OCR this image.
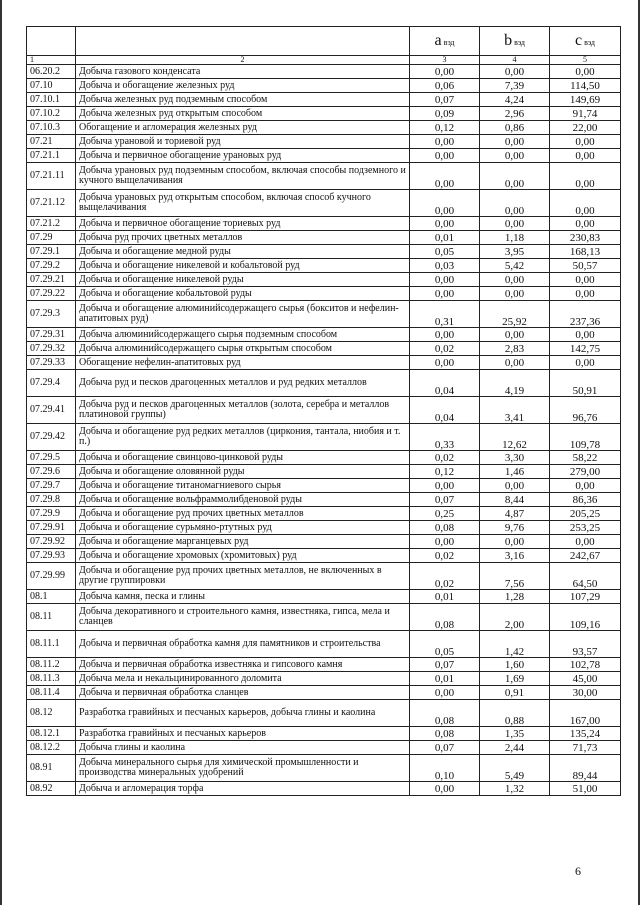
		a вэд	b вэд	c вэд
1	2	3	4	5
06.20.2	Добыча газового конденсата	0,00	0,00	0,00
07.10	Добыча и обогащение железных руд	0,06	7,39	114,50
07.10.1	Добыча железных руд подземным способом	0,07	4,24	149,69
07.10.2	Добыча железных руд открытым способом	0,09	2,96	91,74
07.10.3	Обогащение и агломерация железных руд	0,12	0,86	22,00
07.21	Добыча урановой и ториевой руд	0,00	0,00	0,00
07.21.1	Добыча и первичное обогащение урановых руд	0,00	0,00	0,00
07.21.11	Добыча урановых руд подземным способом, включая способы подземного и кучного выщелачивания	0,00	0,00	0,00
07.21.12	Добыча урановых руд открытым способом, включая способ кучного выщелачивания	0,00	0,00	0,00
07.21.2	Добыча и первичное обогащение ториевых руд	0,00	0,00	0,00
07.29	Добыча руд прочих цветных металлов	0,01	1,18	230,83
07.29.1	Добыча и обогащение медной руды	0,05	3,95	168,13
07.29.2	Добыча и обогащение никелевой и кобальтовой руд	0,03	5,42	50,57
07.29.21	Добыча и обогащение никелевой руды	0,00	0,00	0,00
07.29.22	Добыча и обогащение кобальтовой руды	0,00	0,00	0,00
07.29.3	Добыча и обогащение алюминийсодержащего сырья (бокситов и нефелин-апатитовых руд)	0,31	25,92	237,36
07.29.31	Добыча алюминийсодержащего сырья подземным способом	0,00	0,00	0,00
07.29.32	Добыча алюминийсодержащего сырья открытым способом	0,02	2,83	142,75
07.29.33	Обогащение нефелин-апатитовых руд	0,00	0,00	0,00
07.29.4	Добыча руд и песков драгоценных металлов и руд редких металлов	0,04	4,19	50,91
07.29.41	Добыча руд и песков драгоценных металлов (золота, серебра и металлов платиновой группы)	0,04	3,41	96,76
07.29.42	Добыча и обогащение руд редких металлов (циркония, тантала, ниобия и т. п.)	0,33	12,62	109,78
07.29.5	Добыча и обогащение свинцово-цинковой руды	0,02	3,30	58,22
07.29.6	Добыча и обогащение оловянной руды	0,12	1,46	279,00
07.29.7	Добыча и обогащение титаномагниевого сырья	0,00	0,00	0,00
07.29.8	Добыча и обогащение вольфраммолибденовой руды	0,07	8,44	86,36
07.29.9	Добыча и обогащение руд прочих цветных металлов	0,25	4,87	205,25
07.29.91	Добыча и обогащение сурьмяно-ртутных руд	0,08	9,76	253,25
07.29.92	Добыча и обогащение марганцевых руд	0,00	0,00	0,00
07.29.93	Добыча и обогащение хромовых (хромитовых) руд	0,02	3,16	242,67
07.29.99	Добыча и обогащение руд прочих цветных металлов, не включенных в другие группировки	0,02	7,56	64,50
08.1	Добыча камня, песка и глины	0,01	1,28	107,29
08.11	Добыча декоративного и строительного камня, известняка, гипса, мела и сланцев	0,08	2,00	109,16
08.11.1	Добыча и первичная обработка камня для памятников и строительства	0,05	1,42	93,57
08.11.2	Добыча и первичная обработка известняка и гипсового камня	0,07	1,60	102,78
08.11.3	Добыча мела и некальцинированного доломита	0,01	1,69	45,00
08.11.4	Добыча и первичная обработка сланцев	0,00	0,91	30,00
08.12	Разработка гравийных и песчаных карьеров, добыча глины и каолина	0,08	0,88	167,00
08.12.1	Разработка гравийных и песчаных карьеров	0,08	1,35	135,24
08.12.2	Добыча глины и каолина	0,07	2,44	71,73
08.91	Добыча минерального сырья для химической промышленности и производства минеральных удобрений	0,10	5,49	89,44
08.92	Добыча и агломерация торфа	0,00	1,32	51,00
6
